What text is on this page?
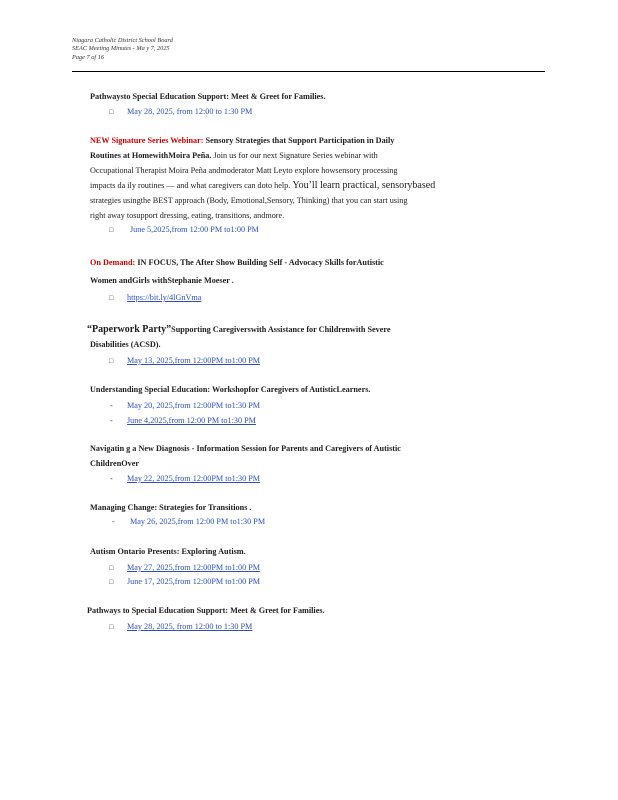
Niagara Catholic District School Board
SEAC Meeting Minutes - Ma y 7, 2025
Page 7 of 16
Pathwaysto Special Education Support: Meet & Greet for Families.
□ May 28, 2025, from 12:00 to 1:30 PM
NEW Signature Series Webinar: Sensory Strategies that Support Participation in Daily
Routines at HomewithMoira Peña. Join us for our next Signature Series webinar with
Occupational Therapist Moira Peña andmoderator Matt Leyto explore howsensory processing
impacts da ily routines — and what caregivers can doto help. You’ll learn practical, sensorybased
strategies usingthe BEST approach (Body, Emotional,Sensory, Thinking) that you can start using
right away tosupport dressing, eating, transitions, andmore.
□ June 5,2025,from 12:00 PM to1:00 PM
On Demand: IN FOCUS, The After Show Building Self - Advocacy Skills forAutistic
Women andGirls withStephanie Moeser .
□ https://bit.ly/4lGnVma
“Paperwork Party”Supporting Caregiverswith Assistance for Childrenwith Severe
Disabilities (ACSD).
□ May 13, 2025,from 12:00PM to1:00 PM
Understanding Special Education: Workshopfor Caregivers of AutisticLearners.
- May 20, 2025,from 12:00PM to1:30 PM
- June 4,2025,from 12:00 PM to1:30 PM
Navigatin g a New Diagnosis - Information Session for Parents and Caregivers of Autistic
ChildrenOver
- May 22, 2025,from 12:00PM to1:30 PM
Managing Change: Strategies for Transitions .
- May 26, 2025,from 12:00 PM to1:30 PM
Autism Ontario Presents: Exploring Autism.
□ May 27, 2025,from 12:00PM to1:00 PM
□ June 17, 2025,from 12:00PM to1:00 PM
Pathways to Special Education Support: Meet & Greet for Families.
□ May 28, 2025, from 12:00 to 1:30 PM
